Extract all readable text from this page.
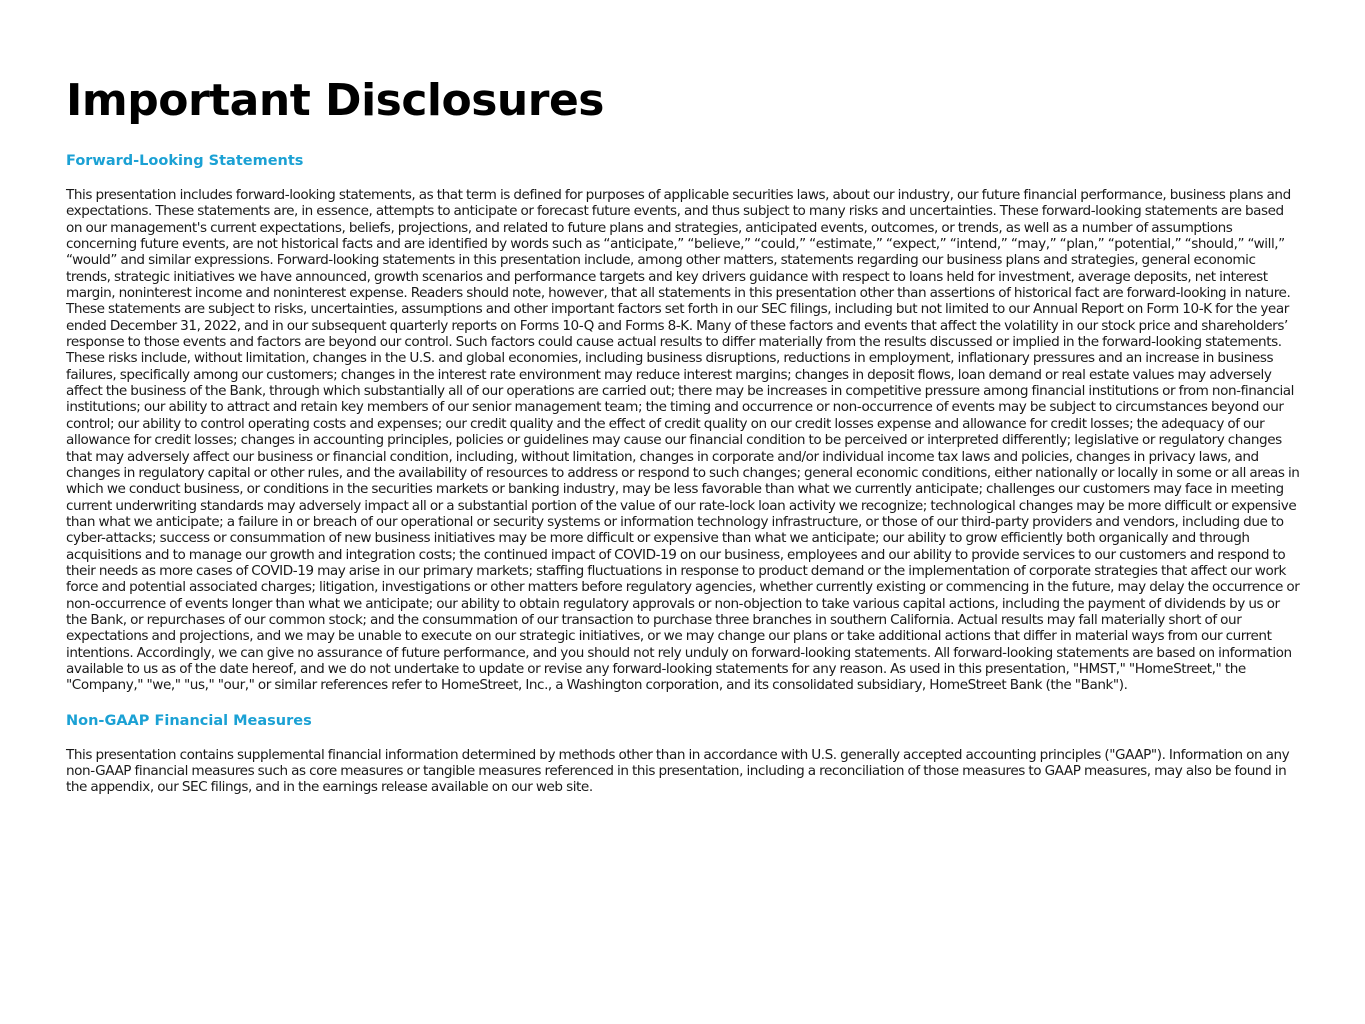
Important Disclosures
Forward-Looking Statements

This presentation includes forward-looking statements, as that term is defined for purposes of applicable securities laws, about our industry, our future financial performance, business plans and expectations. These statements are, in essence, attempts to anticipate or forecast future events, and thus subject to many risks and uncertainties. These forward-looking statements are based on our management's current expectations, beliefs, projections, and related to future plans and strategies, anticipated events, outcomes, or trends, as well as a number of assumptions concerning future events, are not historical facts and are identified by words such as “anticipate,” “believe,” “could,” “estimate,” “expect,” “intend,” “may,” “plan,” “potential,” “should,” “will,” “would” and similar expressions. Forward-looking statements in this presentation include, among other matters, statements regarding our business plans and strategies, general economic trends, strategic initiatives we have announced, growth scenarios and performance targets and key drivers guidance with respect to loans held for investment, average deposits, net interest margin, noninterest income and noninterest expense. Readers should note, however, that all statements in this presentation other than assertions of historical fact are forward-looking in nature. These statements are subject to risks, uncertainties, assumptions and other important factors set forth in our SEC filings, including but not limited to our Annual Report on Form 10-K for the year ended December 31, 2022, and in our subsequent quarterly reports on Forms 10-Q and Forms 8-K. Many of these factors and events that affect the volatility in our stock price and shareholders’ response to those events and factors are beyond our control. Such factors could cause actual results to differ materially from the results discussed or implied in the forward-looking statements. These risks include, without limitation, changes in the U.S. and global economies, including business disruptions, reductions in employment, inflationary pressures and an increase in business failures, specifically among our customers; changes in the interest rate environment may reduce interest margins; changes in deposit flows, loan demand or real estate values may adversely affect the business of the Bank, through which substantially all of our operations are carried out; there may be increases in competitive pressure among financial institutions or from non-financial institutions; our ability to attract and retain key members of our senior management team; the timing and occurrence or non-occurrence of events may be subject to circumstances beyond our control; our ability to control operating costs and expenses; our credit quality and the effect of credit quality on our credit losses expense and allowance for credit losses; the adequacy of our allowance for credit losses; changes in accounting principles, policies or guidelines may cause our financial condition to be perceived or interpreted differently; legislative or regulatory changes that may adversely affect our business or financial condition, including, without limitation, changes in corporate and/or individual income tax laws and policies, changes in privacy laws, and changes in regulatory capital or other rules, and the availability of resources to address or respond to such changes; general economic conditions, either nationally or locally in some or all areas in which we conduct business, or conditions in the securities markets or banking industry, may be less favorable than what we currently anticipate; challenges our customers may face in meeting current underwriting standards may adversely impact all or a substantial portion of the value of our rate-lock loan activity we recognize; technological changes may be more difficult or expensive than what we anticipate; a failure in or breach of our operational or security systems or information technology infrastructure, or those of our third-party providers and vendors, including due to cyber-attacks; success or consummation of new business initiatives may be more difficult or expensive than what we anticipate; our ability to grow efficiently both organically and through acquisitions and to manage our growth and integration costs; the continued impact of COVID-19 on our business, employees and our ability to provide services to our customers and respond to their needs as more cases of COVID-19 may arise in our primary markets; staffing fluctuations in response to product demand or the implementation of corporate strategies that affect our work force and potential associated charges; litigation, investigations or other matters before regulatory agencies, whether currently existing or commencing in the future, may delay the occurrence or non-occurrence of events longer than what we anticipate; our ability to obtain regulatory approvals or non-objection to take various capital actions, including the payment of dividends by us or the Bank, or repurchases of our common stock; and the consummation of our transaction to purchase three branches in southern California. Actual results may fall materially short of our expectations and projections, and we may be unable to execute on our strategic initiatives, or we may change our plans or take additional actions that differ in material ways from our current intentions. Accordingly, we can give no assurance of future performance, and you should not rely unduly on forward-looking statements. All forward-looking statements are based on information available to us as of the date hereof, and we do not undertake to update or revise any forward-looking statements for any reason. As used in this presentation, "HMST," "HomeStreet," the "Company," "we," "us," "our," or similar references refer to HomeStreet, Inc., a Washington corporation, and its consolidated subsidiary, HomeStreet Bank (the "Bank").

Non-GAAP Financial Measures

This presentation contains supplemental financial information determined by methods other than in accordance with U.S. generally accepted accounting principles ("GAAP"). Information on any non-GAAP financial measures such as core measures or tangible measures referenced in this presentation, including a reconciliation of those measures to GAAP measures, may also be found in the appendix, our SEC filings, and in the earnings release available on our web site.
